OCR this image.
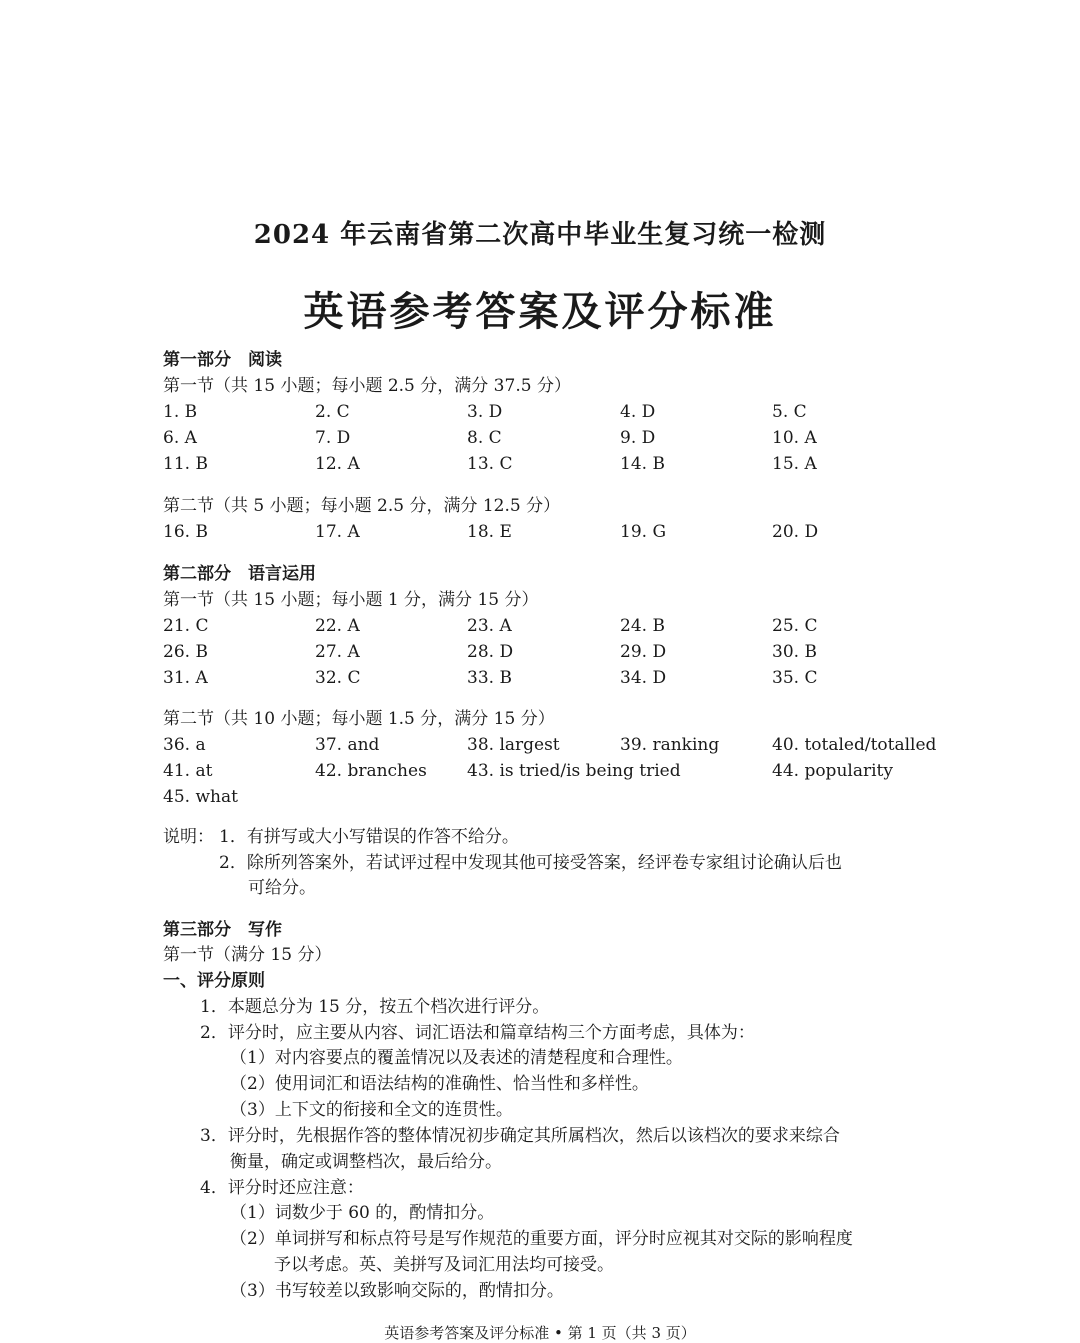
2024 年云南省第二次高中毕业生复习统一检测
英语参考答案及评分标准
第一部分　阅读
第一节（共 15 小题；每小题 2.5 分，满分 37.5 分）
1. B	2. C	3. D	4. D	5. C
6. A	7. D	8. C	9. D	10. A
11. B	12. A	13. C	14. B	15. A
第二节（共 5 小题；每小题 2.5 分，满分 12.5 分）
16. B	17. A	18. E	19. G	20. D
第二部分　语言运用
第一节（共 15 小题；每小题 1 分，满分 15 分）
21. C	22. A	23. A	24. B	25. C
26. B	27. A	28. D	29. D	30. B
31. A	32. C	33. B	34. D	35. C
第二节（共 10 小题；每小题 1.5 分，满分 15 分）
36. a	37. and	38. largest	39. ranking	40. totaled/totalled
41. at	42. branches 43. is tried/is being tried	44. popularity
45. what
说明： 1．有拼写或大小写错误的作答不给分。
2．除所列答案外，若试评过程中发现其他可接受答案，经评卷专家组讨论确认后也
可给分。
第三部分　写作
第一节（满分 15 分）
一、评分原则
1．本题总分为 15 分，按五个档次进行评分。
2．评分时，应主要从内容、词汇语法和篇章结构三个方面考虑，具体为：
（1）对内容要点的覆盖情况以及表述的清楚程度和合理性。
（2）使用词汇和语法结构的准确性、恰当性和多样性。
（3）上下文的衔接和全文的连贯性。
3．评分时，先根据作答的整体情况初步确定其所属档次，然后以该档次的要求来综合
衡量，确定或调整档次，最后给分。
4．评分时还应注意：
（1）词数少于 60 的，酌情扣分。
（2）单词拼写和标点符号是写作规范的重要方面，评分时应视其对交际的影响程度
予以考虑。英、美拼写及词汇用法均可接受。
（3）书写较差以致影响交际的，酌情扣分。
英语参考答案及评分标准 • 第 1 页（共 3 页）
